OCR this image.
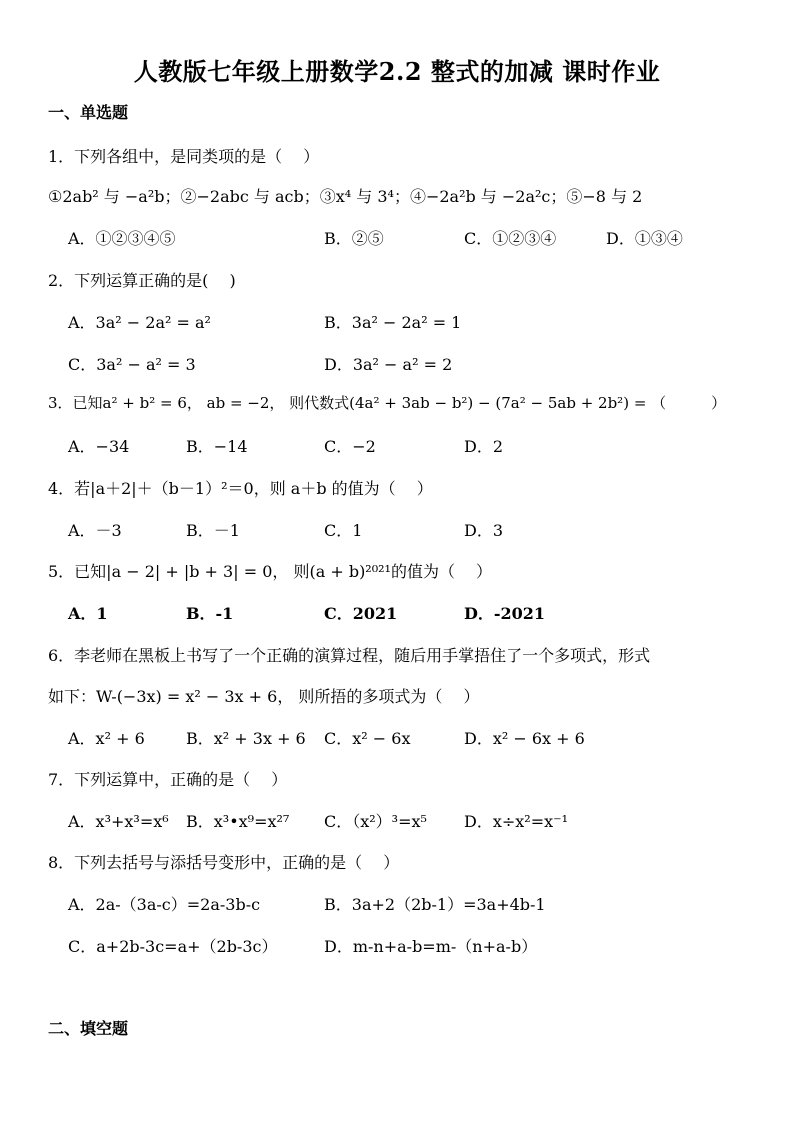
人教版七年级上册数学2.2 整式的加减 课时作业
一、单选题
1．下列各组中，是同类项的是（　 ）
①2ab² 与 −a²b；②−2abc 与 acb；③x⁴ 与 3⁴；④−2a²b 与 −2a²c；⑤−8 与 2
A．①②③④⑤	B．②⑤	C．①②③④	D．①③④
2．下列运算正确的是(　 )
A．3a² − 2a² = a²	B．3a² − 2a² = 1
C．3a² − a² = 3	D．3a² − a² = 2
3．已知a² + b² = 6， ab = −2， 则代数式(4a² + 3ab − b²) − (7a² − 5ab + 2b²) = （　　　）
A．−34	B．−14	C．−2	D．2
4．若|a＋2|＋（b－1）²＝0，则 a＋b 的值为（　 ）
A．－3	B．－1	C．1	D．3
5．已知|a − 2| + |b + 3| = 0， 则(a + b)²⁰²¹的值为（　 ）
A．1	B．-1	C．2021	D．-2021
6．李老师在黑板上书写了一个正确的演算过程，随后用手掌捂住了一个多项式，形式
如下：W-(−3x) = x² − 3x + 6， 则所捂的多项式为（　 ）
A．x² + 6	B．x² + 3x + 6 C．x² − 6x	D．x² − 6x + 6
7．下列运算中，正确的是（　 ）
A．x³+x³=x⁶ B．x³•x⁹=x²⁷ C．（x²）³=x⁵ D．x÷x²=x⁻¹
8．下列去括号与添括号变形中，正确的是（　 ）
A．2a-（3a-c）=2a-3b-c	B．3a+2（2b-1）=3a+4b-1
C．a+2b-3c=a+（2b-3c）	D．m-n+a-b=m-（n+a-b）
二、填空题
